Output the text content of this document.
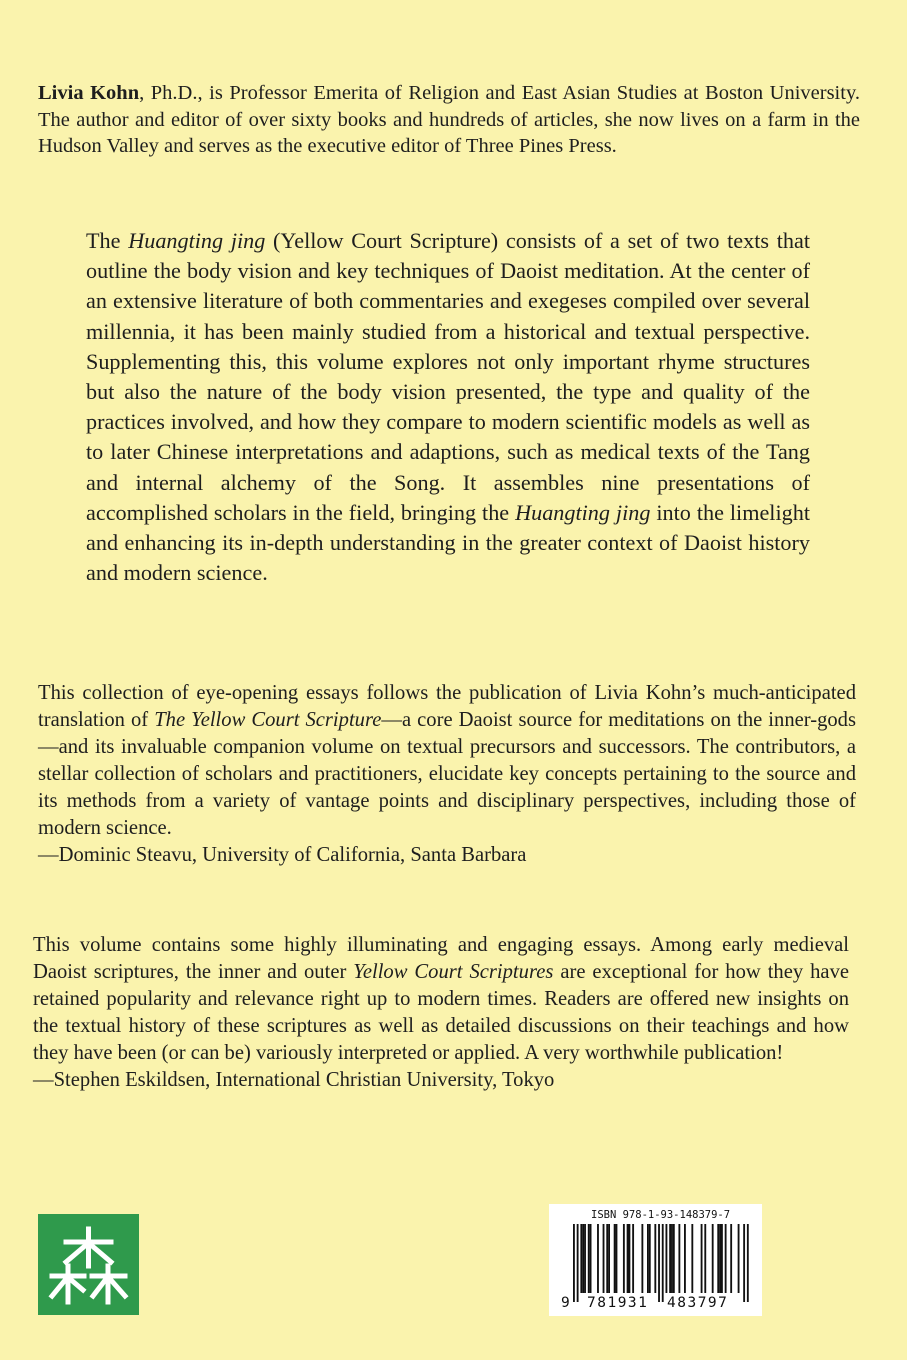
Livia Kohn, Ph.D., is Professor Emerita of Religion and East Asian Studies at Boston University. The author and editor of over sixty books and hundreds of articles, she now lives on a farm in the Hudson Valley and serves as the executive editor of Three Pines Press.

The Huangting jing (Yellow Court Scripture) consists of a set of two texts that outline the body vision and key techniques of Daoist meditation. At the center of an extensive literature of both commentaries and exegeses compiled over several millennia, it has been mainly studied from a historical and textual perspective. Supplementing this, this volume explores not only important rhyme structures but also the nature of the body vision presented, the type and quality of the practices involved, and how they compare to modern scientific models as well as to later Chinese interpretations and adaptions, such as medical texts of the Tang and internal alchemy of the Song. It assembles nine presentations of accomplished scholars in the field, bringing the Huangting jing into the limelight and enhancing its in-depth understanding in the greater context of Daoist history and modern science.

This collection of eye-opening essays follows the publication of Livia Kohn’s much-anticipated translation of The Yellow Court Scripture—a core Daoist source for meditations on the inner-gods—and its invaluable companion volume on textual precursors and successors. The contributors, a stellar collection of scholars and practitioners, elucidate key concepts pertaining to the source and its methods from a variety of vantage points and disciplinary perspectives, including those of modern science.

—Dominic Steavu, University of California, Santa Barbara

This volume contains some highly illuminating and engaging essays. Among early medieval Daoist scriptures, the inner and outer Yellow Court Scriptures are exceptional for how they have retained popularity and relevance right up to modern times. Readers are offered new insights on the textual history of these scriptures as well as detailed discussions on their teachings and how they have been (or can be) variously interpreted or applied. A very worthwhile publication!

—Stephen Eskildsen, International Christian University, Tokyo

ISBN 978-1-93-148379-7
9 781931 483797
